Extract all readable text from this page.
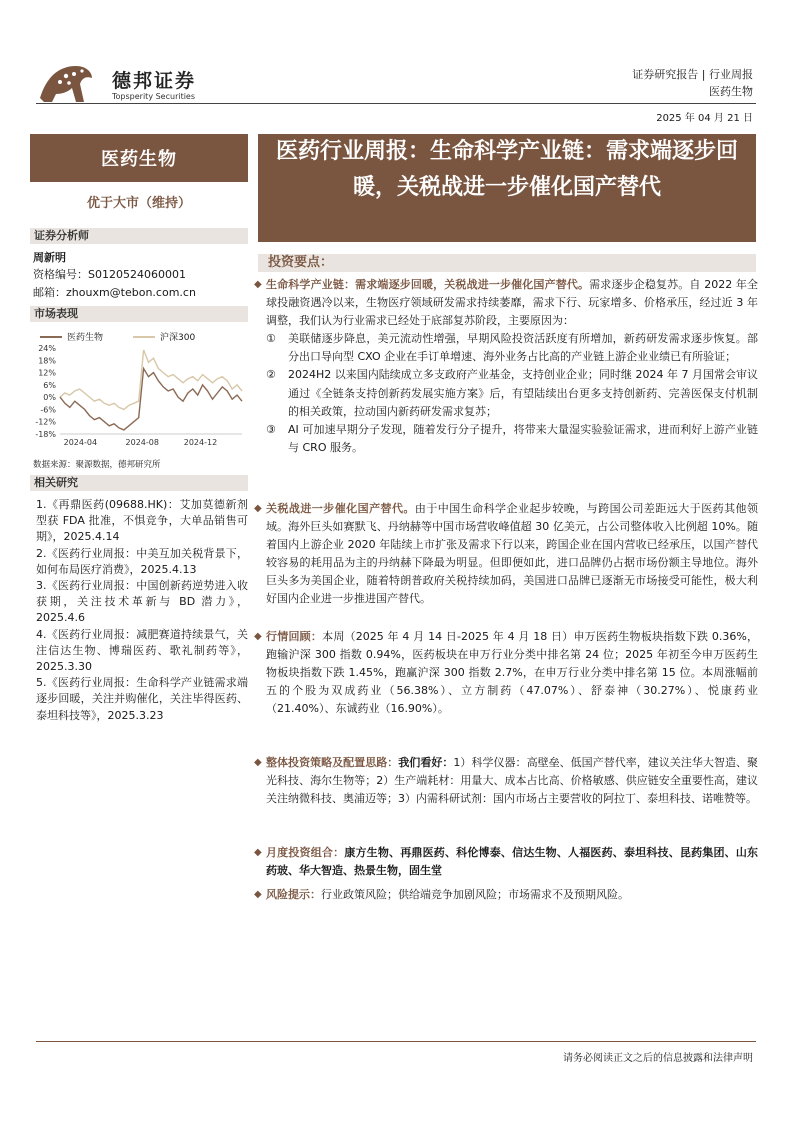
德邦证券
Topsperity Securities
证券研究报告 | 行业周报
医药生物
2025 年 04 月 21 日
医药生物
优于大市（维持）
证券分析师
周新明
资格编号：S0120524060001
邮箱：zhouxm@tebon.com.cn
市场表现
医药生物	沪深300
24%
18%
12%
6%
0%
-6%
-12%
-18%
2024-04	2024-08	2024-12
数据来源：聚源数据，德邦研究所
相关研究
1.《再鼎医药(09688.HK)：艾加莫德新剂型获 FDA 批准，不惧竞争，大单品销售可期》，2025.4.14
2.《医药行业周报：中美互加关税背景下，如何布局医疗消费》，2025.4.13
3.《医药行业周报：中国创新药逆势进入收获期，关注技术革新与 BD 潜力》，2025.4.6
4.《医药行业周报：减肥赛道持续景气，关注信达生物、博瑞医药、歌礼制药等》，2025.3.30
5.《医药行业周报：生命科学产业链需求端逐步回暖，关注并购催化，关注毕得医药、泰坦科技等》，2025.3.23
医药行业周报：生命科学产业链：需求端逐步回暖，关税战进一步催化国产替代
投资要点：
◆ 生命科学产业链：需求端逐步回暖，关税战进一步催化国产替代。需求逐步企稳复苏。自 2022 年全球投融资遇冷以来，生物医疗领域研发需求持续萎靡，需求下行、玩家增多、价格承压，经过近 3 年调整，我们认为行业需求已经处于底部复苏阶段，主要原因为：

① 美联储逐步降息，美元流动性增强，早期风险投资活跃度有所增加，新药研发需求逐步恢复。部分出口导向型 CXO 企业在手订单增速、海外业务占比高的产业链上游企业业绩已有所验证；

② 2024H2 以来国内陆续成立多支政府产业基金，支持创业企业；同时继 2024 年 7 月国常会审议通过《全链条支持创新药发展实施方案》后，有望陆续出台更多支持创新药、完善医保支付机制的相关政策，拉动国内新药研发需求复苏；

③ AI 可加速早期分子发现，随着发行分子提升，将带来大量湿实验验证需求，进而利好上游产业链与 CRO 服务。

◆ 关税战进一步催化国产替代。由于中国生命科学企业起步较晚，与跨国公司差距远大于医药其他领域。海外巨头如赛默飞、丹纳赫等中国市场营收峰值超 30 亿美元，占公司整体收入比例超 10%。随着国内上游企业 2020 年陆续上市扩张及需求下行以来，跨国企业在国内营收已经承压，以国产替代较容易的耗用品为主的丹纳赫下降最为明显。但即便如此，进口品牌仍占据市场份额主导地位。海外巨头多为美国企业，随着特朗普政府关税持续加码，美国进口品牌已逐渐无市场接受可能性，极大利好国内企业进一步推进国产替代。

◆ 行情回顾：本周（2025 年 4 月 14 日-2025 年 4 月 18 日）申万医药生物板块指数下跌 0.36%，跑输沪深 300 指数 0.94%，医药板块在申万行业分类中排名第 24 位；2025 年初至今申万医药生物板块指数下跌 1.45%，跑赢沪深 300 指数 2.7%，在申万行业分类中排名第 15 位。本周涨幅前五的个股为双成药业（56.38%）、立方制药（47.07%）、舒泰神（30.27%）、悦康药业（21.40%）、东诚药业（16.90%）。

◆ 整体投资策略及配置思路：我们看好：1）科学仪器：高壁垒、低国产替代率，建议关注华大智造、聚光科技、海尔生物等；2）生产端耗材：用量大、成本占比高、价格敏感、供应链安全重要性高，建议关注纳微科技、奥浦迈等；3）内需科研试剂：国内市场占主要营收的阿拉丁、泰坦科技、诺唯赞等。

◆ 月度投资组合：康方生物、再鼎医药、科伦博泰、信达生物、人福医药、泰坦科技、昆药集团、山东药玻、华大智造、热景生物，固生堂

◆ 风险提示：行业政策风险；供给端竞争加剧风险；市场需求不及预期风险。

请务必阅读正文之后的信息披露和法律声明
